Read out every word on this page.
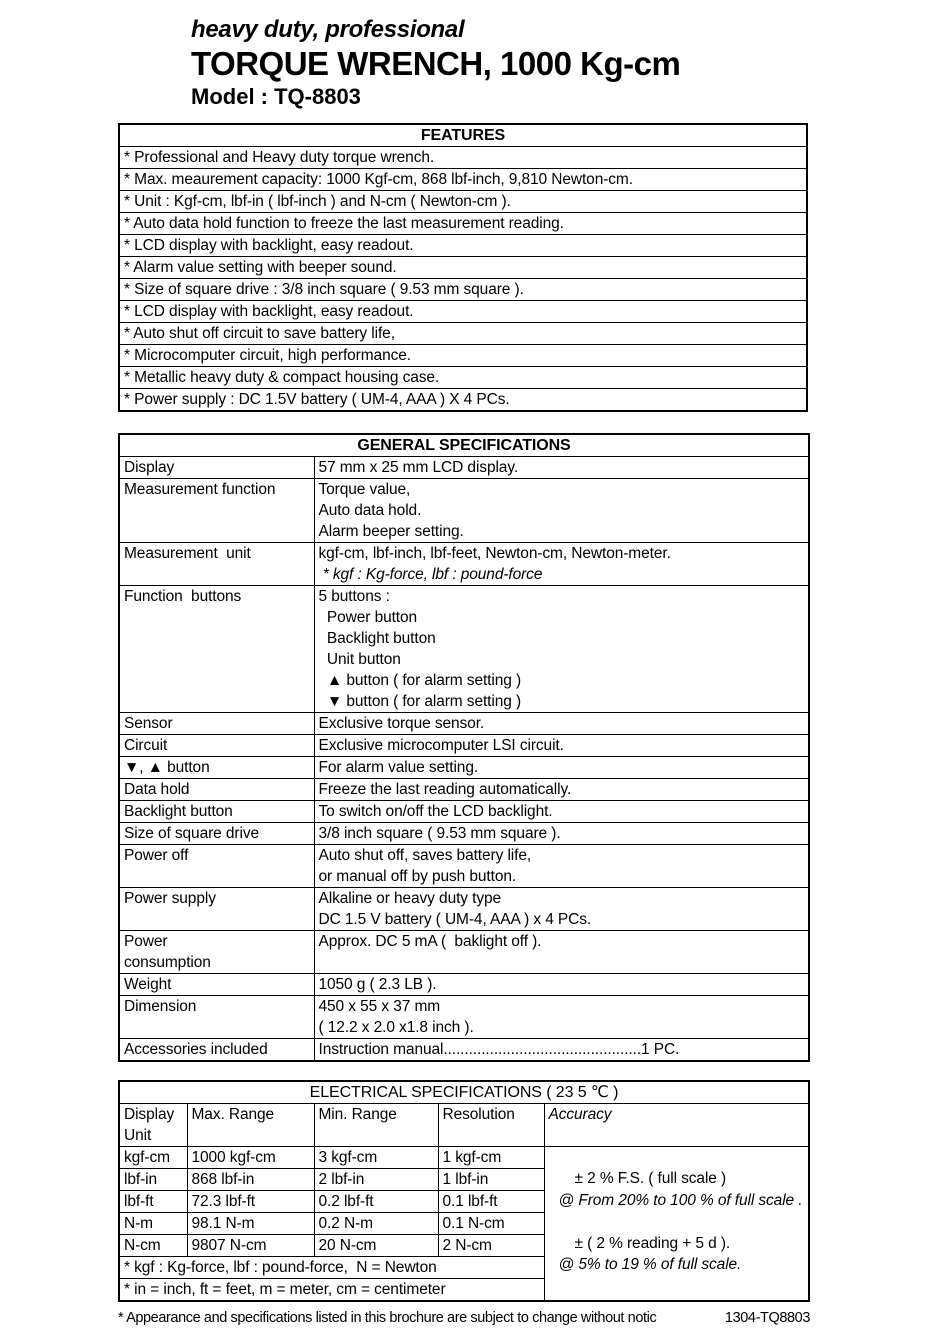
heavy duty, professional
TORQUE WRENCH, 1000 Kg-cm
Model : TQ-8803
FEATURES
* Professional and Heavy duty torque wrench.
* Max. meaurement capacity: 1000 Kgf-cm, 868 lbf-inch, 9,810 Newton-cm.
* Unit : Kgf-cm, lbf-in ( lbf-inch ) and N-cm ( Newton-cm ).
* Auto data hold function to freeze the last measurement reading.
* LCD display with backlight, easy readout.
* Alarm value setting with beeper sound.
* Size of square drive : 3/8 inch square ( 9.53 mm square ).
* LCD display with backlight, easy readout.
* Auto shut off circuit to save battery life,
* Microcomputer circuit, high performance.
* Metallic heavy duty & compact housing case.
* Power supply : DC 1.5V battery ( UM-4, AAA ) X 4 PCs.
GENERAL SPECIFICATIONS	

Display	57 mm x 25 mm LCD display.

Measurement function	Torque value,
Auto data hold.
Alarm beeper setting.

Measurement  unit	kgf-cm, lbf-inch, lbf-feet, Newton-cm, Newton-meter.
* kgf : Kg-force, lbf : pound-force

Function  buttons	5 buttons :
Power button
Backlight button
Unit button
▲ button ( for alarm setting )
▼ button ( for alarm setting )

Sensor	Exclusive torque sensor.

Circuit	Exclusive microcomputer LSI circuit.

▼, ▲ button	For alarm value setting.

Data hold	Freeze the last reading automatically.

Backlight button	To switch on/off the LCD backlight.

Size of square drive	3/8 inch square ( 9.53 mm square ).

Power off	Auto shut off, saves battery life,
or manual off by push button.

Power supply	Alkaline or heavy duty type
DC 1.5 V battery ( UM-4, AAA ) x 4 PCs.

Power
consumption	Approx. DC 5 mA (  baklight off ).

Weight	1050 g ( 2.3 LB ).

Dimension	450 x 55 x 37 mm
( 12.2 x 2.0 x1.8 inch ).

Accessories included	Instruction manual...............................................1 PC.
ELECTRICAL SPECIFICATIONS ( 23 5 ℃ )				
Display Unit	Max. Range	Min. Range	Resolution	Accuracy
kgf-cm	1000 kgf-cm	3 kgf-cm	1 kgf-cm	± 2 % F.S. ( full scale )
@ From 20% to 100 % of full scale .

± ( 2 % reading + 5 d ).
@ 5% to 19 % of full scale.

lbf-in	868 lbf-in	2 lbf-in	1 lbf-in	
lbf-ft	72.3 lbf-ft	0.2 lbf-ft	0.1 lbf-ft	
N-m	98.1 N-m	0.2 N-m	0.1 N-cm	
N-cm	9807 N-cm	20 N-cm	2 N-cm	
* kgf : Kg-force, lbf : pound-force,  N = Newton				
* in = inch, ft = feet, m = meter, cm = centimeter				
* Appearance and specifications listed in this brochure are subject to change without notic	1304-TQ8803
